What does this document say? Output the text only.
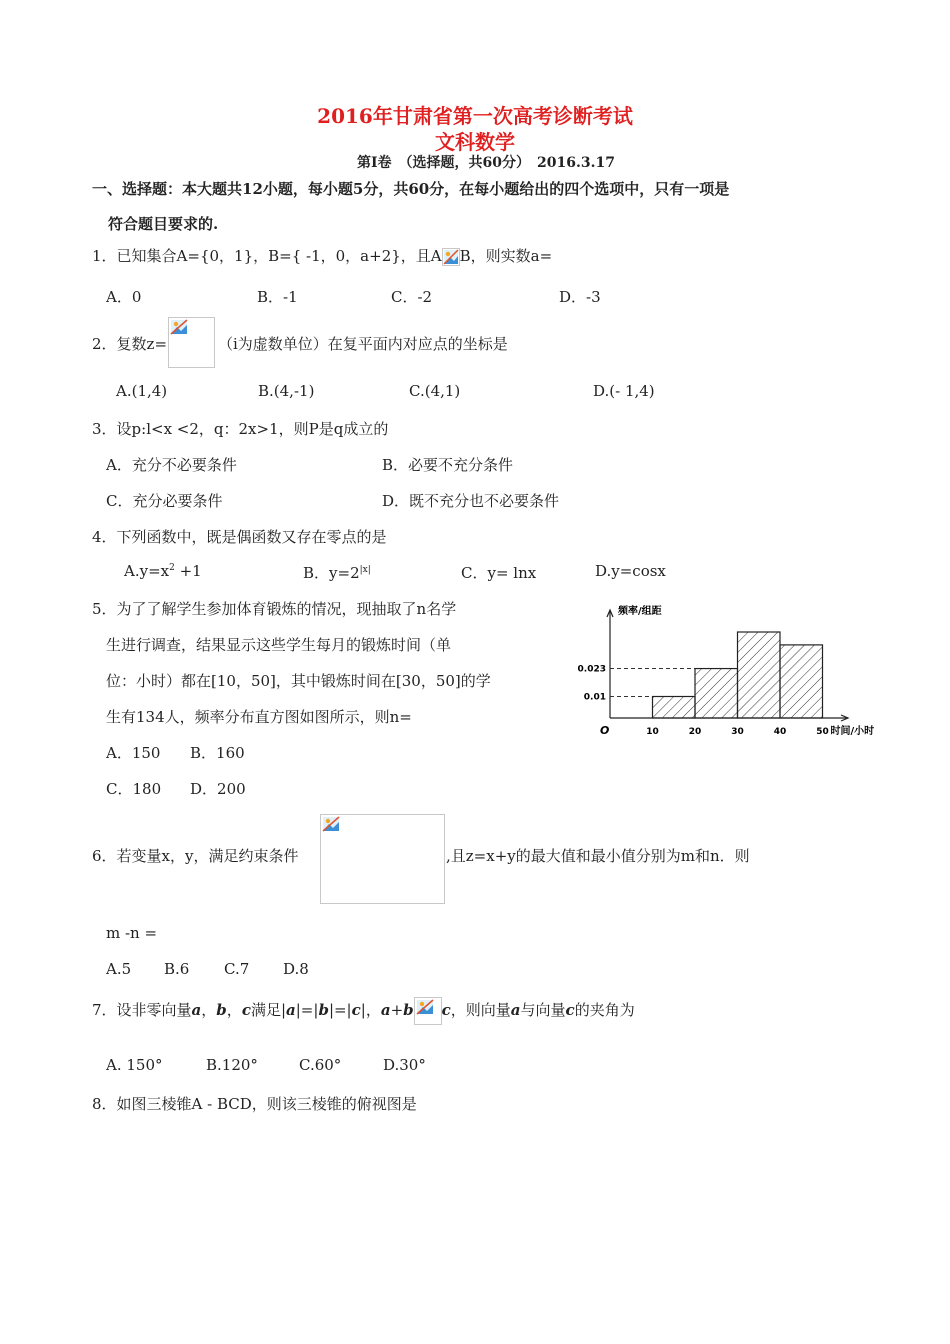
2016年甘肃省第一次高考诊断考试
文科数学
第Ⅰ卷　（选择题，共60分）　2016.3.17
一、选择题：本大题共12小题，每小题5分，共60分，在每小题给出的四个选项中，只有一项是
符合题目要求的.
1．已知集合A={0，1}，B={ -1，0，a+2}，且A B，则实数a=
A．0	B．-1	C．-2	D．-3
2．复数z=	（i为虚数单位）在复平面内对应点的坐标是
A.(1,4)	B.(4,-1)	C.(4,1)	D.(- 1,4)
3．设p:l<x <2，q：2x>1，则P是q成立的
A．充分不必要条件	B．必要不充分条件
C．充分必要条件	D．既不充分也不必要条件
4．下列函数中，既是偶函数又存在零点的是
$A.y=x^2 +1$	B．$y=2^{|x|}$	C．y= lnx	D.y=cosx
5．为了了解学生参加体育锻炼的情况，现抽取了n名学
生进行调查，结果显示这些学生每月的锻炼时间（单
位：小时）都在[10，50]，其中锻炼时间在[30，50]的学
生有134人，频率分布直方图如图所示，则n=
A．150 B．160
C．180 D．200
0.01
0.023
10	20	30	40	50
O
频率/组距
时间/小时
6．若变量x，y，满足约束条件	,且z=x+y的最大值和最小值分别为m和n．则
m -n =
A.5 B.6 C.7 D.8
7．设非零向量a，b，c满足|a|=|b|=|c|，a+b c，则向量a与向量c的夹角为
A. 150°	B.120°	C.60°	D.30°
8．如图三棱锥A - BCD，则该三棱锥的俯视图是
